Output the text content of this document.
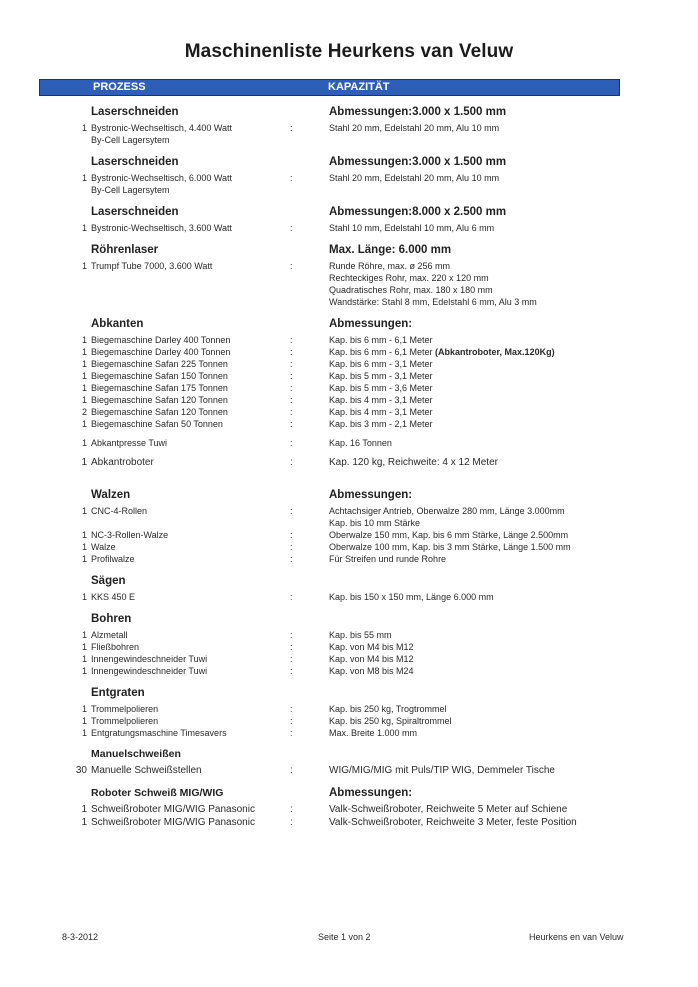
Maschinenliste Heurkens van Veluw
PROZESS	KAPAZITÄT
Laserschneiden	Abmessungen:3.000 x 1.500 mm
1 Bystronic-Wechseltisch, 4.400 Watt	:	Stahl 20 mm, Edelstahl 20 mm, Alu 10 mm
By-Cell Lagersytem
Laserschneiden	Abmessungen:3.000 x 1.500 mm
1 Bystronic-Wechseltisch, 6.000 Watt	:	Stahl 20 mm, Edelstahl 20 mm, Alu 10 mm
By-Cell Lagersytem
Laserschneiden	Abmessungen:8.000 x 2.500 mm
1 Bystronic-Wechseltisch, 3.600 Watt	:	Stahl 10 mm, Edelstahl 10 mm, Alu 6 mm
Röhrenlaser	Max. Länge: 6.000 mm
1 Trumpf Tube 7000, 3.600 Watt	:	Runde Röhre, max. ø 256 mm
Rechteckiges Rohr, max. 220 x 120 mm
Quadratisches Rohr, max. 180 x 180 mm
Wandstärke: Stahl 8 mm, Edelstahl 6 mm, Alu 3 mm
Abkanten	Abmessungen:
1 Biegemaschine Darley 400 Tonnen	:	Kap. bis 6 mm - 6,1 Meter
1 Biegemaschine Darley 400 Tonnen	:	Kap. bis 6 mm - 6,1 Meter (Abkantroboter, Max.120Kg)
1 Biegemaschine Safan 225 Tonnen	:	Kap. bis 6 mm - 3,1 Meter
1 Biegemaschine Safan 150 Tonnen	:	Kap. bis 5 mm - 3,1 Meter
1 Biegemaschine Safan 175 Tonnen	:	Kap. bis 5 mm - 3,6 Meter
1 Biegemaschine Safan 120 Tonnen	:	Kap. bis 4 mm - 3,1 Meter
2 Biegemaschine Safan 120 Tonnen	:	Kap. bis 4 mm - 3,1 Meter
1 Biegemaschine Safan 50 Tonnen	:	Kap. bis 3 mm - 2,1 Meter
1 Abkantpresse Tuwi	:	Kap. 16 Tonnen
1 Abkantroboter	:	Kap. 120 kg, Reichweite: 4 x 12 Meter
Walzen	Abmessungen:
1 CNC-4-Rollen	:	Achtachsiger Antrieb, Oberwalze 280 mm, Länge 3.000mm
Kap. bis 10 mm Stärke
1 NC-3-Rollen-Walze	:	Oberwalze 150 mm, Kap. bis 6 mm Stärke, Länge 2.500mm
1 Walze	:	Oberwalze 100 mm, Kap. bis 3 mm Stärke, Länge 1.500 mm
1 Profilwalze	:	Für Streifen und runde Rohre
Sägen
1 KKS 450 E	:	Kap. bis 150 x 150 mm, Länge 6.000 mm
Bohren
1 Alzmetall	:	Kap. bis 55 mm
1 Fließbohren	:	Kap. von M4 bis M12
1 Innengewindeschneider Tuwi	:	Kap. von M4 bis M12
1 Innengewindeschneider Tuwi	:	Kap. von M8 bis M24
Entgraten
1 Trommelpolieren	:	Kap. bis 250 kg, Trogtrommel
1 Trommelpolieren	:	Kap. bis 250 kg, Spiraltrommel
1 Entgratungsmaschine Timesavers	:	Max. Breite 1.000 mm
Manuelschweißen
30 Manuelle Schweißstellen	:	WIG/MIG/MIG mit Puls/TIP WIG, Demmeler Tische
Roboter Schweiß MIG/WIG	Abmessungen:
1 Schweißroboter MIG/WIG Panasonic	:	Valk-Schweißroboter, Reichweite 5 Meter auf Schiene
1 Schweißroboter MIG/WIG Panasonic	:	Valk-Schweißroboter, Reichweite 3 Meter, feste Position
8-3-2012	Seite 1 von 2	Heurkens en van Veluw
